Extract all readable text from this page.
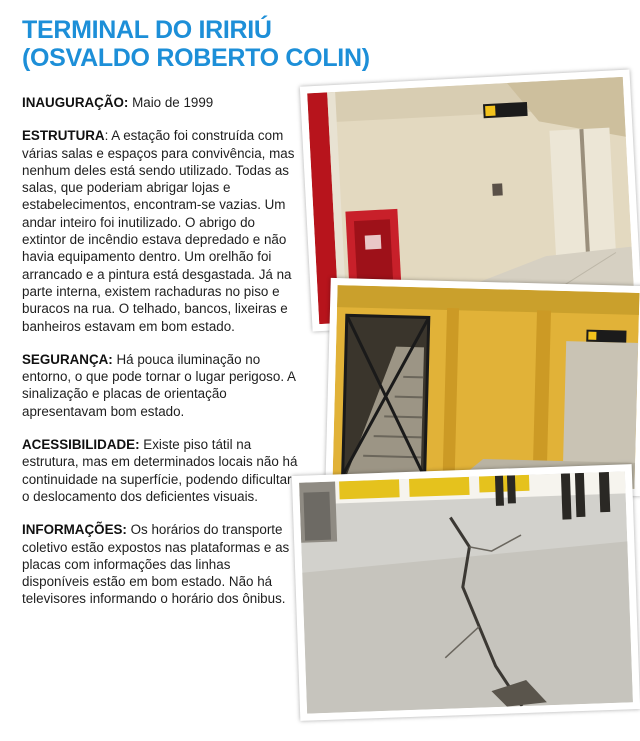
TERMINAL DO IRIRIÚ
(OSVALDO ROBERTO COLIN)

INAUGURAÇÃO: Maio de 1999

ESTRUTURA: A estação foi construída com várias salas e espaços para convivência, mas nenhum deles está sendo utilizado. Todas as salas, que poderiam abrigar lojas e estabelecimentos, encontram-se vazias. Um andar inteiro foi inutilizado. O abrigo do extintor de incêndio estava depredado e não havia equipamento dentro. Um orelhão foi arrancado e a pintura está desgastada. Já na parte interna, existem rachaduras no piso e buracos na rua. O telhado, bancos, lixeiras e banheiros estavam em bom estado.

SEGURANÇA: Há pouca iluminação no entorno, o que pode tornar o lugar perigoso. A sinalização e placas de orientação apresentavam bom estado.

ACESSIBILIDADE: Existe piso tátil na estrutura, mas em determinados locais não há continuidade na superfície, podendo dificultar o deslocamento dos deficientes visuais.

INFORMAÇÕES: Os horários do transporte coletivo estão expostos nas plataformas e as placas com informações das linhas disponíveis estão em bom estado. Não há televisores informando o horário dos ônibus.
